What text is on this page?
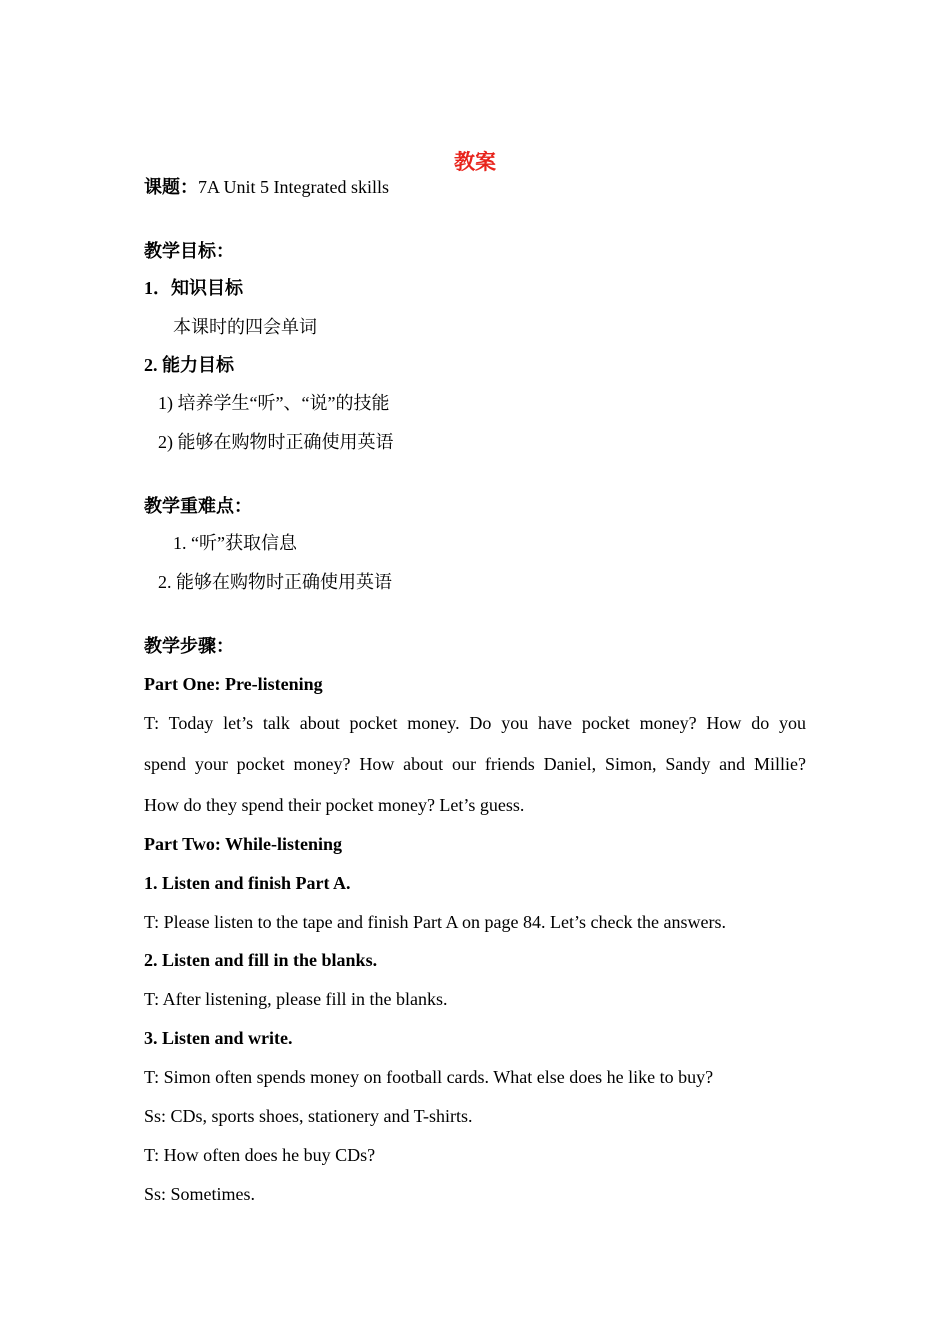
教案
课题：7A Unit 5 Integrated skills
教学目标：
1．知识目标
本课时的四会单词
2. 能力目标
1) 培养学生“听”、“说”的技能
2) 能够在购物时正确使用英语
教学重难点：
1. “听”获取信息
2. 能够在购物时正确使用英语
教学步骤：
Part One: Pre-listening
T: Today let’s talk about pocket money. Do you have pocket money? How do you
spend your pocket money? How about our friends Daniel, Simon, Sandy and Millie?
How do they spend their pocket money? Let’s guess.
Part Two: While-listening
1. Listen and finish Part A.
T: Please listen to the tape and finish Part A on page 84. Let’s check the answers.
2. Listen and fill in the blanks.
T: After listening, please fill in the blanks.
3. Listen and write.
T: Simon often spends money on football cards. What else does he like to buy?
Ss: CDs, sports shoes, stationery and T-shirts.
T: How often does he buy CDs?
Ss: Sometimes.
